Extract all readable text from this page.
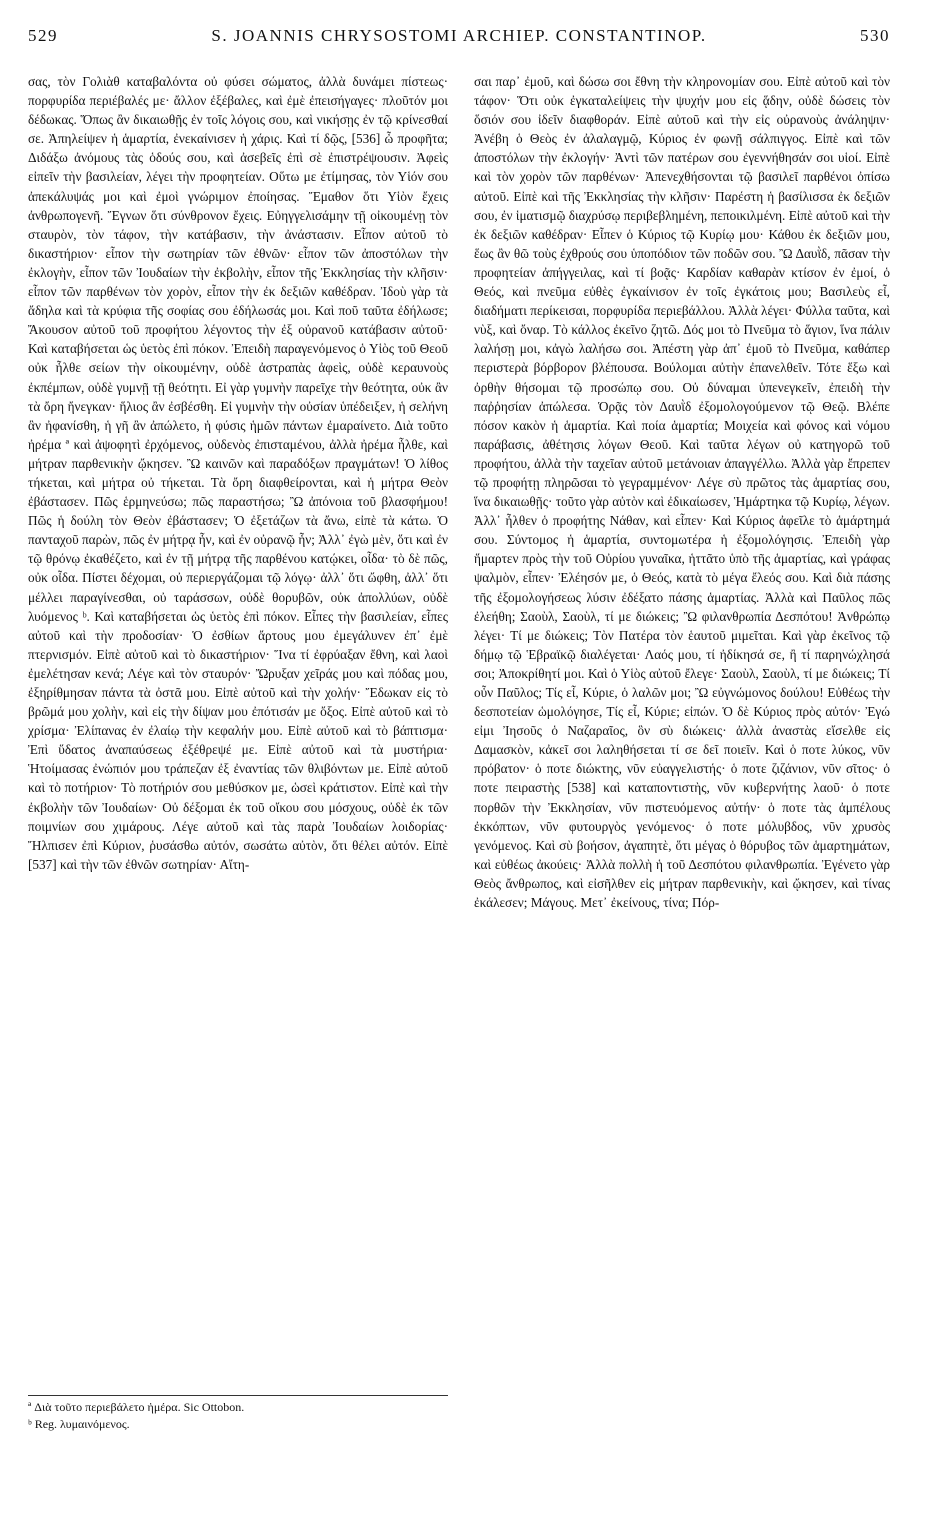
529	S. JOANNIS CHRYSOSTOMI ARCHIEP. CONSTANTINOP.	530

σας, τὸν Γολιὰθ καταβαλόντα οὐ φύσει σώματος, ἀλλὰ δυνάμει πίστεως· πορφυρίδα περιέβαλές με· ἄλλον ἐξέβαλες, καὶ ἐμὲ ἐπεισήγαγες· πλοῦτόν μοι δέδωκας. Ὅπως ἂν δικαιωθῇς ἐν τοῖς λόγοις σου, καὶ νικήσῃς ἐν τῷ κρίνεσθαί σε. Ἀπηλείψεν ἡ ἁμαρτία, ἐνεκαίνισεν ἡ χάρις. Καὶ τί δῷς, [536] ὦ προφῆτα; Διδάξω ἀνόμους τὰς ὁδούς σου, καὶ ἀσεβεῖς ἐπὶ σὲ ἐπιστρέψουσιν. Ἀφεὶς εἰπεῖν τὴν βασιλείαν, λέγει τὴν προφητείαν. Οὕτω με ἐτίμησας, τὸν Υἱόν σου ἀπεκάλυψάς μοι καὶ ἐμοὶ γνώριμον ἐποίησας. Ἔμαθον ὅτι Υἱὸν ἔχεις ἀνθρωπογενῆ. Ἔγνων ὅτι σύνθρονον ἔχεις. Εὐηγγελισάμην τῇ οἰκουμένῃ τὸν σταυρὸν, τὸν τάφον, τὴν κατάβασιν, τὴν ἀνάστασιν. Εἶπον αὐτοῦ τὸ δικαστήριον· εἶπον τὴν σωτηρίαν τῶν ἐθνῶν· εἶπον τῶν ἀποστόλων τὴν ἐκλογὴν, εἶπον τῶν Ἰουδαίων τὴν ἐκβολὴν, εἶπον τῆς Ἐκκλησίας τὴν κλῆσιν· εἶπον τῶν παρθένων τὸν χορὸν, εἶπον τὴν ἐκ δεξιῶν καθέδραν. Ἰδοὺ γὰρ τὰ ἄδηλα καὶ τὰ κρύφια τῆς σοφίας σου ἐδήλωσάς μοι. Καὶ ποῦ ταῦτα ἐδήλωσε; Ἄκουσον αὐτοῦ τοῦ προφήτου λέγοντος τὴν ἐξ οὐρανοῦ κατάβασιν αὐτοῦ· Καὶ καταβήσεται ὡς ὑετὸς ἐπὶ πόκον. Ἐπειδὴ παραγενόμενος ὁ Υἱὸς τοῦ Θεοῦ οὐκ ἦλθε σείων τὴν οἰκουμένην, οὐδὲ ἀστραπὰς ἀφεὶς, οὐδὲ κεραυνοὺς ἐκπέμπων, οὐδὲ γυμνῇ τῇ θεότητι. Εἰ γὰρ γυμνὴν παρεῖχε τὴν θεότητα, οὐκ ἂν τὰ ὄρη ἤνεγκαν· ἥλιος ἂν ἐσβέσθη. Εἰ γυμνὴν τὴν οὐσίαν ὑπέδειξεν, ἡ σελήνη ἂν ἠφανίσθη, ἡ γῆ ἂν ἀπώλετο, ἡ φύσις ἡμῶν πάντων ἐμαραίνετο. Διὰ τοῦτο ἠρέμα ª καὶ ἀψοφητὶ ἐρχόμενος, οὐδενὸς ἐπισταμένου, ἀλλὰ ἠρέμα ἦλθε, καὶ μήτραν παρθενικὴν ᾤκησεν. Ὢ καινῶν καὶ παραδόξων πραγμάτων! Ὁ λίθος τήκεται, καὶ μήτρα οὐ τήκεται. Τὰ ὄρη διαφθείρονται, καὶ ἡ μήτρα Θεὸν ἐβάστασεν. Πῶς ἑρμηνεύσω; πῶς παραστήσω; Ὢ ἀπόνοια τοῦ βλασφήμου! Πῶς ἡ δούλη τὸν Θεὸν ἐβάστασεν; Ὁ ἐξετάζων τὰ ἄνω, εἰπὲ τὰ κάτω. Ὁ πανταχοῦ παρὼν, πῶς ἐν μήτρᾳ ἦν, καὶ ἐν οὐρανῷ ἦν; Ἀλλ᾽ ἐγὼ μὲν, ὅτι καὶ ἐν τῷ θρόνῳ ἐκαθέζετο, καὶ ἐν τῇ μήτρᾳ τῆς παρθένου κατῴκει, οἶδα· τὸ δὲ πῶς, οὐκ οἶδα. Πίστει δέχομαι, οὐ περιεργάζομαι τῷ λόγῳ· ἀλλ᾽ ὅτι ὤφθη, ἀλλ᾽ ὅτι μέλλει παραγίνεσθαι, οὐ ταράσσων, οὐδὲ θορυβῶν, οὐκ ἀπολλύων, οὐδὲ λυόμενος ᵇ. Καὶ καταβήσεται ὡς ὑετὸς ἐπὶ πόκον. Εἶπες τὴν βασιλείαν, εἶπες αὐτοῦ καὶ τὴν προδοσίαν· Ὁ ἐσθίων ἄρτους μου ἐμεγάλυνεν ἐπ᾽ ἐμὲ πτερνισμόν. Εἰπὲ αὐτοῦ καὶ τὸ δικαστήριον· Ἵνα τί ἐφρύαξαν ἔθνη, καὶ λαοὶ ἐμελέτησαν κενά; Λέγε καὶ τὸν σταυρόν· Ὤρυξαν χεῖράς μου καὶ πόδας μου, ἐξηρίθμησαν πάντα τὰ ὀστᾶ μου. Εἰπὲ αὐτοῦ καὶ τὴν χολήν· Ἔδωκαν εἰς τὸ βρῶμά μου χολὴν, καὶ εἰς τὴν δίψαν μου ἐπότισάν με ὄξος. Εἰπὲ αὐτοῦ καὶ τὸ χρίσμα· Ἐλίπανας ἐν ἐλαίῳ τὴν κεφαλήν μου. Εἰπὲ αὐτοῦ καὶ τὸ βάπτισμα· Ἐπὶ ὕδατος ἀναπαύσεως ἐξέθρεψέ με. Εἰπὲ αὐτοῦ καὶ τὰ μυστήρια· Ἡτοίμασας ἐνώπιόν μου τράπεζαν ἐξ ἐναντίας τῶν θλιβόντων με. Εἰπὲ αὐτοῦ καὶ τὸ ποτήριον· Τὸ ποτήριόν σου μεθύσκον με, ὡσεὶ κράτιστον. Εἰπὲ καὶ τὴν ἐκβολὴν τῶν Ἰουδαίων· Οὐ δέξομαι ἐκ τοῦ οἴκου σου μόσχους, οὐδὲ ἐκ τῶν ποιμνίων σου χιμάρους. Λέγε αὐτοῦ καὶ τὰς παρὰ Ἰουδαίων λοιδορίας· Ἤλπισεν ἐπὶ Κύριον, ῥυσάσθω αὐτόν, σωσάτω αὐτὸν, ὅτι θέλει αὐτόν. Εἰπὲ [537] καὶ τὴν τῶν ἐθνῶν σωτηρίαν· Αἴτη-

σαι παρ᾽ ἐμοῦ, καὶ δώσω σοι ἔθνη τὴν κληρονομίαν σου. Εἰπὲ αὐτοῦ καὶ τὸν τάφον· Ὅτι οὐκ ἐγκαταλείψεις τὴν ψυχήν μου εἰς ᾅδην, οὐδὲ δώσεις τὸν ὅσιόν σου ἰδεῖν διαφθοράν. Εἰπὲ αὐτοῦ καὶ τὴν εἰς οὐρανοὺς ἀνάληψιν· Ἀνέβη ὁ Θεὸς ἐν ἀλαλαγμῷ, Κύριος ἐν φωνῇ σάλπιγγος. Εἰπὲ καὶ τῶν ἀποστόλων τὴν ἐκλογήν· Ἀντὶ τῶν πατέρων σου ἐγεννήθησάν σοι υἱοί. Εἰπὲ καὶ τὸν χορὸν τῶν παρθένων· Ἀπενεχθήσονται τῷ βασιλεῖ παρθένοι ὀπίσω αὐτοῦ. Εἰπὲ καὶ τῆς Ἐκκλησίας τὴν κλῆσιν· Παρέστη ἡ βασίλισσα ἐκ δεξιῶν σου, ἐν ἱματισμῷ διαχρύσῳ περιβεβλημένη, πεποικιλμένη. Εἰπὲ αὐτοῦ καὶ τὴν ἐκ δεξιῶν καθέδραν· Εἶπεν ὁ Κύριος τῷ Κυρίῳ μου· Κάθου ἐκ δεξιῶν μου, ἕως ἂν θῶ τοὺς ἐχθρούς σου ὑποπόδιον τῶν ποδῶν σου. Ὢ Δαυῒδ, πᾶσαν τὴν προφητείαν ἀπήγγειλας, καὶ τί βοᾷς· Καρδίαν καθαρὰν κτίσον ἐν ἐμοί, ὁ Θεός, καὶ πνεῦμα εὐθὲς ἐγκαίνισον ἐν τοῖς ἐγκάτοις μου; Βασιλεὺς εἶ, διαδήματι περίκεισαι, πορφυρίδα περιεβάλλου. Ἀλλὰ λέγει· Φύλλα ταῦτα, καὶ νὺξ, καὶ ὄναρ. Τὸ κάλλος ἐκεῖνο ζητῶ. Δός μοι τὸ Πνεῦμα τὸ ἅγιον, ἵνα πάλιν λαλήσῃ μοι, κἀγὼ λαλήσω σοι. Ἀπέστη γὰρ ἀπ᾽ ἐμοῦ τὸ Πνεῦμα, καθάπερ περιστερὰ βόρβορον βλέπουσα. Βούλομαι αὐτὴν ἐπανελθεῖν. Τότε ἕξω καὶ ὀρθὴν θήσομαι τῷ προσώπῳ σου. Οὐ δύναμαι ὑπενεγκεῖν, ἐπειδὴ τὴν παῤῥησίαν ἀπώλεσα. Ὁρᾷς τὸν Δαυῒδ ἐξομολογούμενον τῷ Θεῷ. Βλέπε πόσον κακὸν ἡ ἁμαρτία. Καὶ ποία ἁμαρτία; Μοιχεία καὶ φόνος καὶ νόμου παράβασις, ἀθέτησις λόγων Θεοῦ. Καὶ ταῦτα λέγων οὐ κατηγορῶ τοῦ προφήτου, ἀλλὰ τὴν ταχεῖαν αὐτοῦ μετάνοιαν ἀπαγγέλλω. Ἀλλὰ γὰρ ἔπρεπεν τῷ προφήτῃ πληρῶσαι τὸ γεγραμμένον· Λέγε σὺ πρῶτος τὰς ἁμαρτίας σου, ἵνα δικαιωθῇς· τοῦτο γὰρ αὐτὸν καὶ ἐδικαίωσεν, Ἡμάρτηκα τῷ Κυρίῳ, λέγων. Ἀλλ᾽ ἦλθεν ὁ προφήτης Νάθαν, καὶ εἶπεν· Καὶ Κύριος ἀφεῖλε τὸ ἁμάρτημά σου. Σύντομος ἡ ἁμαρτία, συντομωτέρα ἡ ἐξομολόγησις. Ἐπειδὴ γὰρ ἥμαρτεν πρὸς τὴν τοῦ Οὐρίου γυναῖκα, ἡττᾶτο ὑπὸ τῆς ἁμαρτίας, καὶ γράφας ψαλμὸν, εἶπεν· Ἐλέησόν με, ὁ Θεός, κατὰ τὸ μέγα ἔλεός σου. Καὶ διὰ πάσης τῆς ἐξομολογήσεως λύσιν ἐδέξατο πάσης ἁμαρτίας. Ἀλλὰ καὶ Παῦλος πῶς ἐλεήθη; Σαοὺλ, Σαοὺλ, τί με διώκεις; Ὢ φιλανθρωπία Δεσπότου! Ἀνθρώπῳ λέγει· Τί με διώκεις; Τὸν Πατέρα τὸν ἑαυτοῦ μιμεῖται. Καὶ γὰρ ἐκεῖνος τῷ δήμῳ τῷ Ἑβραϊκῷ διαλέγεται· Λαός μου, τί ἠδίκησά σε, ἢ τί παρηνώχλησά σοι; Ἀποκρίθητί μοι. Καὶ ὁ Υἱὸς αὐτοῦ ἔλεγε· Σαοὺλ, Σαοὺλ, τί με διώκεις; Τί οὖν Παῦλος; Τίς εἶ, Κύριε, ὁ λαλῶν μοι; Ὢ εὐγνώμονος δούλου! Εὐθέως τὴν δεσποτείαν ὡμολόγησε, Τίς εἶ, Κύριε; εἰπών. Ὁ δὲ Κύριος πρὸς αὐτόν· Ἐγώ εἰμι Ἰησοῦς ὁ Ναζαραῖος, ὃν σὺ διώκεις· ἀλλὰ ἀναστὰς εἴσελθε εἰς Δαμασκὸν, κἀκεῖ σοι λαληθήσεται τί σε δεῖ ποιεῖν. Καὶ ὁ ποτε λύκος, νῦν πρόβατον· ὁ ποτε διώκτης, νῦν εὐαγγελιστής· ὁ ποτε ζιζάνιον, νῦν σῖτος· ὁ ποτε πειραστὴς [538] καὶ καταποντιστὴς, νῦν κυβερνήτης λαοῦ· ὁ ποτε πορθῶν τὴν Ἐκκλησίαν, νῦν πιστευόμενος αὐτήν· ὁ ποτε τὰς ἀμπέλους ἐκκόπτων, νῦν φυτουργὸς γενόμενος· ὁ ποτε μόλυβδος, νῦν χρυσὸς γενόμενος. Καὶ σὺ βοήσον, ἀγαπητὲ, ὅτι μέγας ὁ θόρυβος τῶν ἁμαρτημάτων, καὶ εὐθέως ἀκούεις· Ἀλλὰ πολλὴ ἡ τοῦ Δεσπότου φιλανθρωπία. Ἐγένετο γὰρ Θεὸς ἄνθρωπος, καὶ εἰσῆλθεν εἰς μήτραν παρθενικὴν, καὶ ᾤκησεν, καὶ τίνας ἐκάλεσεν; Μάγους. Μετ᾽ ἐκείνους, τίνα; Πόρ-

ª Διὰ τοῦτο περιεβάλετο ἡμέρα. Sic Ottobon.

ᵇ Reg. λυμαινόμενος.
